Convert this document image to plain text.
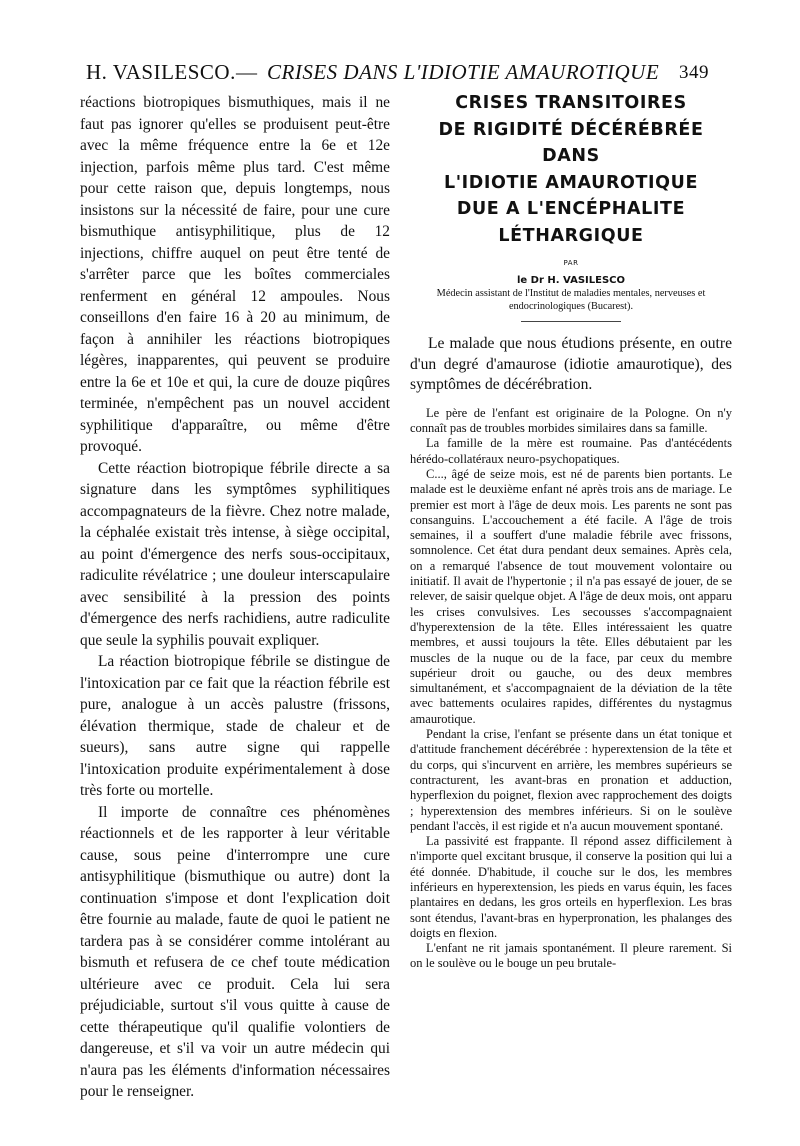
H. VASILESCO. — CRISES DANS L'IDIOTIE AMAUROTIQUE 349

réactions biotropiques bismuthiques, mais il ne faut pas ignorer qu'elles se produisent peut-être avec la même fréquence entre la 6e et 12e injection, parfois même plus tard. C'est même pour cette raison que, depuis longtemps, nous insistons sur la nécessité de faire, pour une cure bismuthique antisyphilitique, plus de 12 injections, chiffre auquel on peut être tenté de s'arrêter parce que les boîtes commerciales renferment en général 12 ampoules. Nous conseillons d'en faire 16 à 20 au minimum, de façon à annihiler les réactions biotropiques légères, inapparentes, qui peuvent se produire entre la 6e et 10e et qui, la cure de douze piqûres terminée, n'empêchent pas un nouvel accident syphilitique d'apparaître, ou même d'être provoqué.

Cette réaction biotropique fébrile directe a sa signature dans les symptômes syphilitiques accompagnateurs de la fièvre. Chez notre malade, la céphalée existait très intense, à siège occipital, au point d'émergence des nerfs sous-occipitaux, radiculite révélatrice ; une douleur interscapulaire avec sensibilité à la pression des points d'émergence des nerfs rachidiens, autre radiculite que seule la syphilis pouvait expliquer.

La réaction biotropique fébrile se distingue de l'intoxication par ce fait que la réaction fébrile est pure, analogue à un accès palustre (frissons, élévation thermique, stade de chaleur et de sueurs), sans autre signe qui rappelle l'intoxication produite expérimentalement à dose très forte ou mortelle.

Il importe de connaître ces phénomènes réactionnels et de les rapporter à leur véritable cause, sous peine d'interrompre une cure antisyphilitique (bismuthique ou autre) dont la continuation s'impose et dont l'explication doit être fournie au malade, faute de quoi le patient ne tardera pas à se considérer comme intolérant au bismuth et refusera de ce chef toute médication ultérieure avec ce produit. Cela lui sera préjudiciable, surtout s'il vous quitte à cause de cette thérapeutique qu'il qualifie volontiers de dangereuse, et s'il va voir un autre médecin qui n'aura pas les éléments d'information nécessaires pour le renseigner.

CRISES TRANSITOIRES
DE RIGIDITÉ DÉCÉRÉBRÉE
DANS
L'IDIOTIE AMAUROTIQUE
DUE A L'ENCÉPHALITE
LÉTHARGIQUE
PAR
le Dr H. VASILESCO
Médecin assistant de l'Institut de maladies mentales, nerveuses et endocrinologiques (Bucarest).

Le malade que nous étudions présente, en outre d'un degré d'amaurose (idiotie amaurotique), des symptômes de décérébration.

Le père de l'enfant est originaire de la Pologne. On n'y connaît pas de troubles morbides similaires dans sa famille.

La famille de la mère est roumaine. Pas d'antécédents hérédo-collatéraux neuro-psychopatiques.

C..., âgé de seize mois, est né de parents bien portants. Le malade est le deuxième enfant né après trois ans de mariage. Le premier est mort à l'âge de deux mois. Les parents ne sont pas consanguins. L'accouchement a été facile. A l'âge de trois semaines, il a souffert d'une maladie fébrile avec frissons, somnolence. Cet état dura pendant deux semaines. Après cela, on a remarqué l'absence de tout mouvement volontaire ou initiatif. Il avait de l'hypertonie ; il n'a pas essayé de jouer, de se relever, de saisir quelque objet. A l'âge de deux mois, ont apparu les crises convulsives. Les secousses s'accompagnaient d'hyperextension de la tête. Elles intéressaient les quatre membres, et aussi toujours la tête. Elles débutaient par les muscles de la nuque ou de la face, par ceux du membre supérieur droit ou gauche, ou des deux membres simultanément, et s'accompagnaient de la déviation de la tête avec battements oculaires rapides, différentes du nystagmus amaurotique.

Pendant la crise, l'enfant se présente dans un état tonique et d'attitude franchement décérébrée : hyperextension de la tête et du corps, qui s'incurvent en arrière, les membres supérieurs se contracturent, les avant-bras en pronation et adduction, hyperflexion du poignet, flexion avec rapprochement des doigts ; hyperextension des membres inférieurs. Si on le soulève pendant l'accès, il est rigide et n'a aucun mouvement spontané.

La passivité est frappante. Il répond assez difficilement à n'importe quel excitant brusque, il conserve la position qui lui a été donnée. D'habitude, il couche sur le dos, les membres inférieurs en hyperextension, les pieds en varus équin, les faces plantaires en dedans, les gros orteils en hyperflexion. Les bras sont étendus, l'avant-bras en hyperpronation, les phalanges des doigts en flexion.

L'enfant ne rit jamais spontanément. Il pleure rarement. Si on le soulève ou le bouge un peu brutale-
